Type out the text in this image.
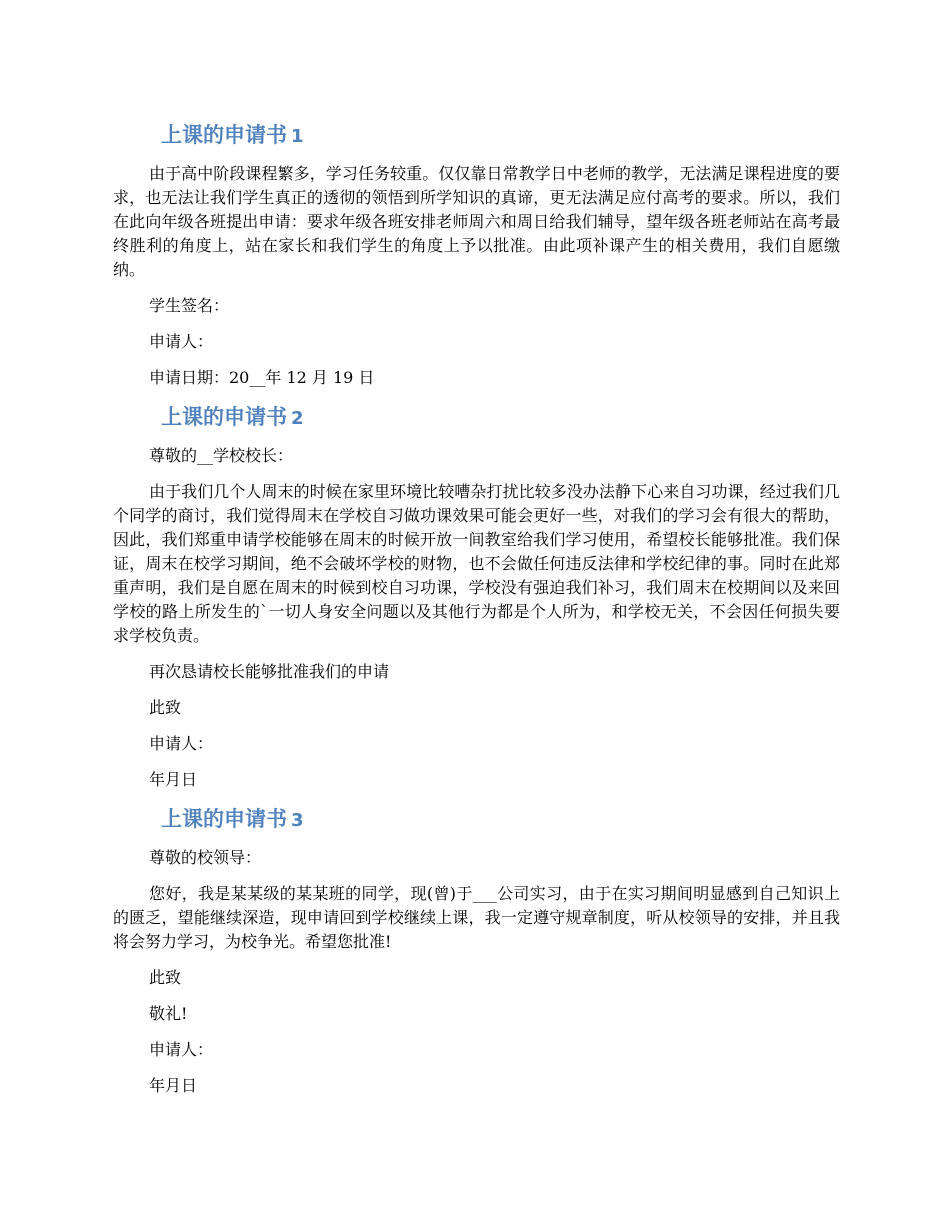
上课的申请书 1

由于高中阶段课程繁多，学习任务较重。仅仅靠日常教学日中老师的教学，无法满足课程进度的要求，也无法让我们学生真正的透彻的领悟到所学知识的真谛，更无法满足应付高考的要求。所以，我们在此向年级各班提出申请：要求年级各班安排老师周六和周日给我们辅导，望年级各班老师站在高考最终胜利的角度上，站在家长和我们学生的角度上予以批准。由此项补课产生的相关费用，我们自愿缴纳。

学生签名：

申请人：

申请日期：20__年 12 月 19 日

上课的申请书 2

尊敬的__学校校长：

由于我们几个人周末的时候在家里环境比较嘈杂打扰比较多没办法静下心来自习功课，经过我们几个同学的商讨，我们觉得周末在学校自习做功课效果可能会更好一些，对我们的学习会有很大的帮助，因此，我们郑重申请学校能够在周末的时候开放一间教室给我们学习使用，希望校长能够批准。我们保证，周末在校学习期间，绝不会破坏学校的财物，也不会做任何违反法律和学校纪律的事。同时在此郑重声明，我们是自愿在周末的时候到校自习功课，学校没有强迫我们补习，我们周末在校期间以及来回学校的路上所发生的`一切人身安全问题以及其他行为都是个人所为，和学校无关，不会因任何损失要求学校负责。

再次恳请校长能够批准我们的申请

此致

申请人：

年月日

上课的申请书 3

尊敬的校领导：

您好，我是某某级的某某班的同学，现(曾)于___公司实习，由于在实习期间明显感到自己知识上的匮乏，望能继续深造，现申请回到学校继续上课，我一定遵守规章制度，听从校领导的安排，并且我将会努力学习，为校争光。希望您批准!

此致

敬礼!

申请人：

年月日
